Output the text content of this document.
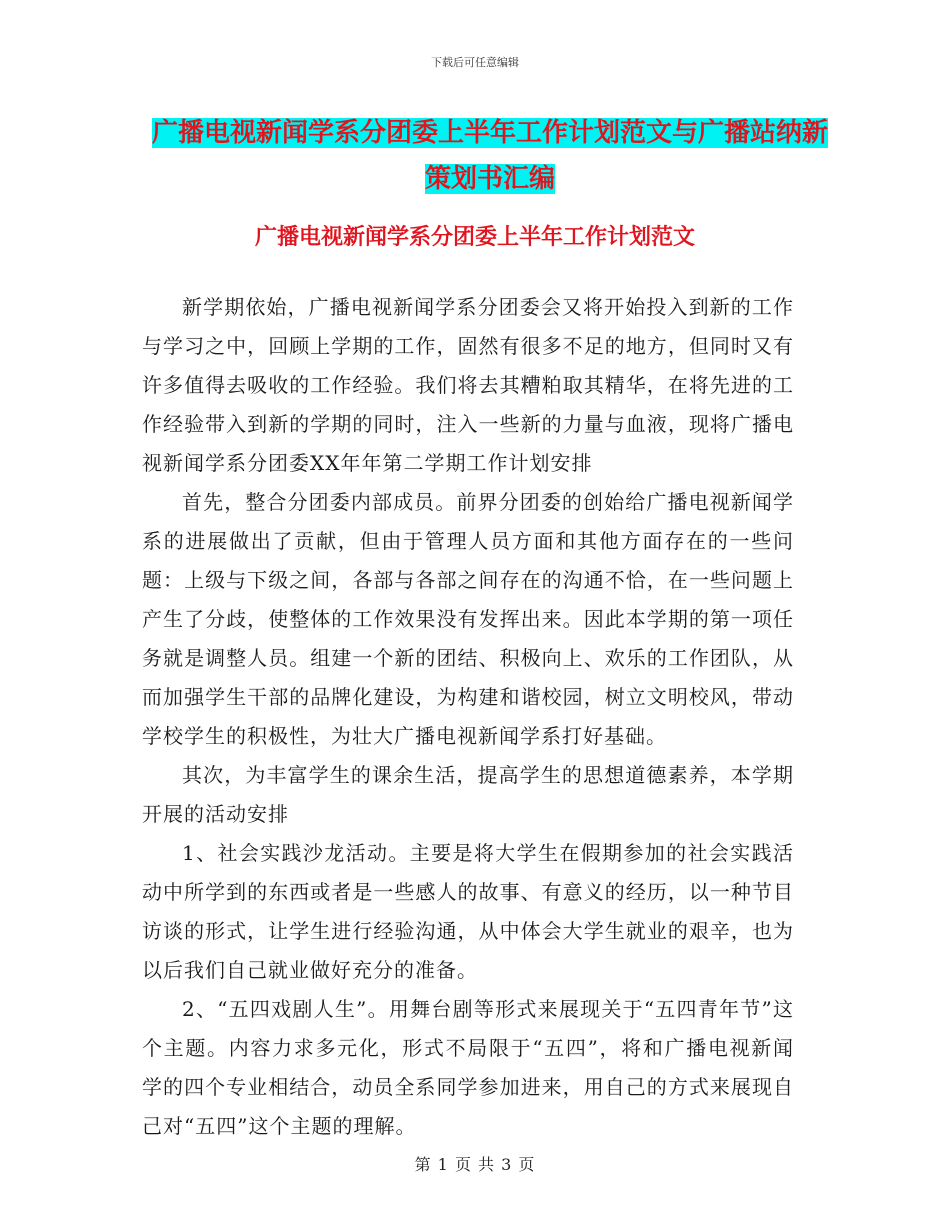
下载后可任意编辑
广播电视新闻学系分团委上半年工作计划范文与广播站纳新策划书汇编
广播电视新闻学系分团委上半年工作计划范文

新学期依始，广播电视新闻学系分团委会又将开始投入到新的工作与学习之中，回顾上学期的工作，固然有很多不足的地方，但同时又有许多值得去吸收的工作经验。我们将去其糟粕取其精华，在将先进的工作经验带入到新的学期的同时，注入一些新的力量与血液，现将广播电视新闻学系分团委XX年年第二学期工作计划安排

首先，整合分团委内部成员。前界分团委的创始给广播电视新闻学系的进展做出了贡献，但由于管理人员方面和其他方面存在的一些问题：上级与下级之间，各部与各部之间存在的沟通不恰，在一些问题上产生了分歧，使整体的工作效果没有发挥出来。因此本学期的第一项任务就是调整人员。组建一个新的团结、积极向上、欢乐的工作团队，从而加强学生干部的品牌化建设，为构建和谐校园，树立文明校风，带动学校学生的积极性，为壮大广播电视新闻学系打好基础。

其次，为丰富学生的课余生活，提高学生的思想道德素养，本学期开展的活动安排

1、社会实践沙龙活动。主要是将大学生在假期参加的社会实践活动中所学到的东西或者是一些感人的故事、有意义的经历，以一种节目访谈的形式，让学生进行经验沟通，从中体会大学生就业的艰辛，也为以后我们自己就业做好充分的准备。

2、“五四戏剧人生”。用舞台剧等形式来展现关于“五四青年节”这个主题。内容力求多元化，形式不局限于“五四”，将和广播电视新闻学的四个专业相结合，动员全系同学参加进来，用自己的方式来展现自己对“五四”这个主题的理解。

第 1 页 共 3 页
